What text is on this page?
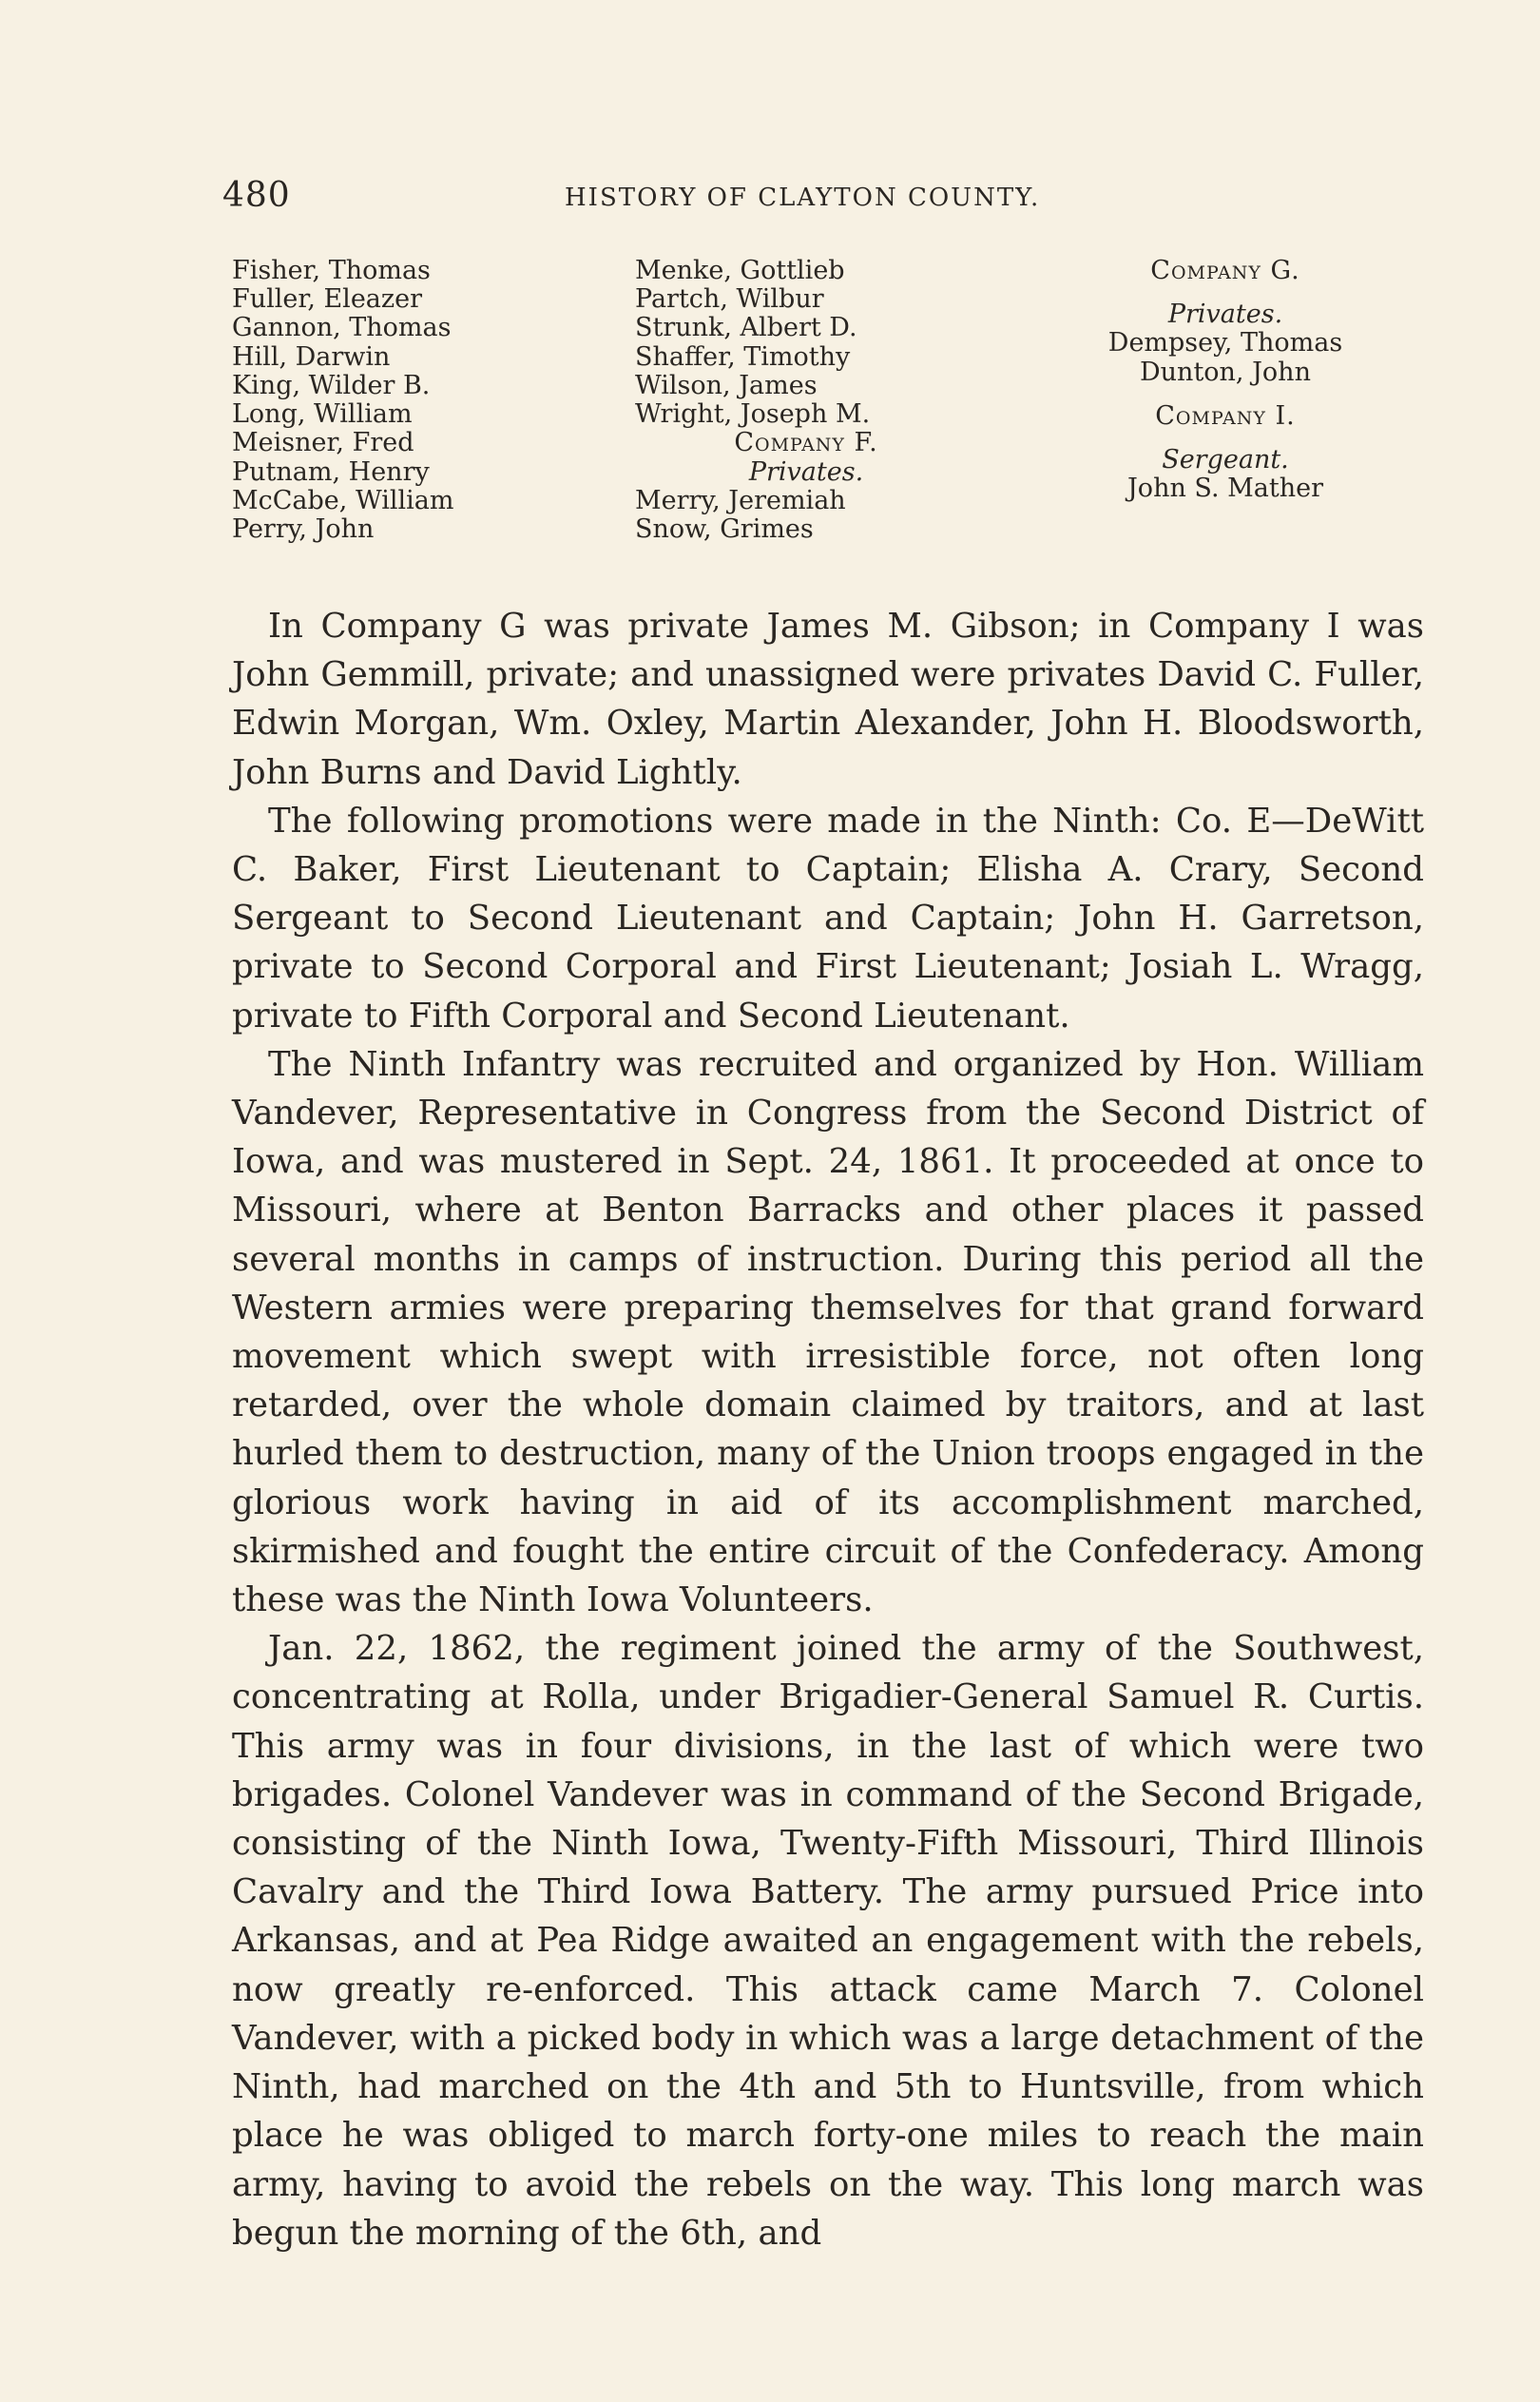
480	HISTORY OF CLAYTON COUNTY.
Fisher, Thomas
Fuller, Eleazer
Gannon, Thomas
Hill, Darwin
King, Wilder B.
Long, William
Meisner, Fred
Putnam, Henry
McCabe, William
Perry, John
Menke, Gottlieb
Partch, Wilbur
Strunk, Albert D.
Shaffer, Timothy
Wilson, James
Wright, Joseph M.
Company F.
Privates.
Merry, Jeremiah
Snow, Grimes
Company G.
Privates.
Dempsey, Thomas
Dunton, John
Company I.
Sergeant.
John S. Mather

In Company G was private James M. Gibson; in Company I was John Gemmill, private; and unassigned were privates David C. Fuller, Edwin Morgan, Wm. Oxley, Martin Alexander, John H. Bloodsworth, John Burns and David Lightly.

The following promotions were made in the Ninth: Co. E—DeWitt C. Baker, First Lieutenant to Captain; Elisha A. Crary, Second Sergeant to Second Lieutenant and Captain; John H. Garretson, private to Second Corporal and First Lieutenant; Josiah L. Wragg, private to Fifth Corporal and Second Lieutenant.

The Ninth Infantry was recruited and organized by Hon. William Vandever, Representative in Congress from the Second District of Iowa, and was mustered in Sept. 24, 1861. It proceeded at once to Missouri, where at Benton Barracks and other places it passed several months in camps of instruction. During this period all the Western armies were preparing themselves for that grand forward movement which swept with irresistible force, not often long retarded, over the whole domain claimed by traitors, and at last hurled them to destruction, many of the Union troops engaged in the glorious work having in aid of its accomplishment marched, skirmished and fought the entire circuit of the Confederacy. Among these was the Ninth Iowa Volunteers.

Jan. 22, 1862, the regiment joined the army of the Southwest, concentrating at Rolla, under Brigadier-General Samuel R. Curtis. This army was in four divisions, in the last of which were two brigades. Colonel Vandever was in command of the Second Brigade, consisting of the Ninth Iowa, Twenty-Fifth Missouri, Third Illinois Cavalry and the Third Iowa Battery. The army pursued Price into Arkansas, and at Pea Ridge awaited an engagement with the rebels, now greatly re-enforced. This attack came March 7. Colonel Vandever, with a picked body in which was a large detachment of the Ninth, had marched on the 4th and 5th to Huntsville, from which place he was obliged to march forty-one miles to reach the main army, having to avoid the rebels on the way. This long march was begun the morning of the 6th, and
